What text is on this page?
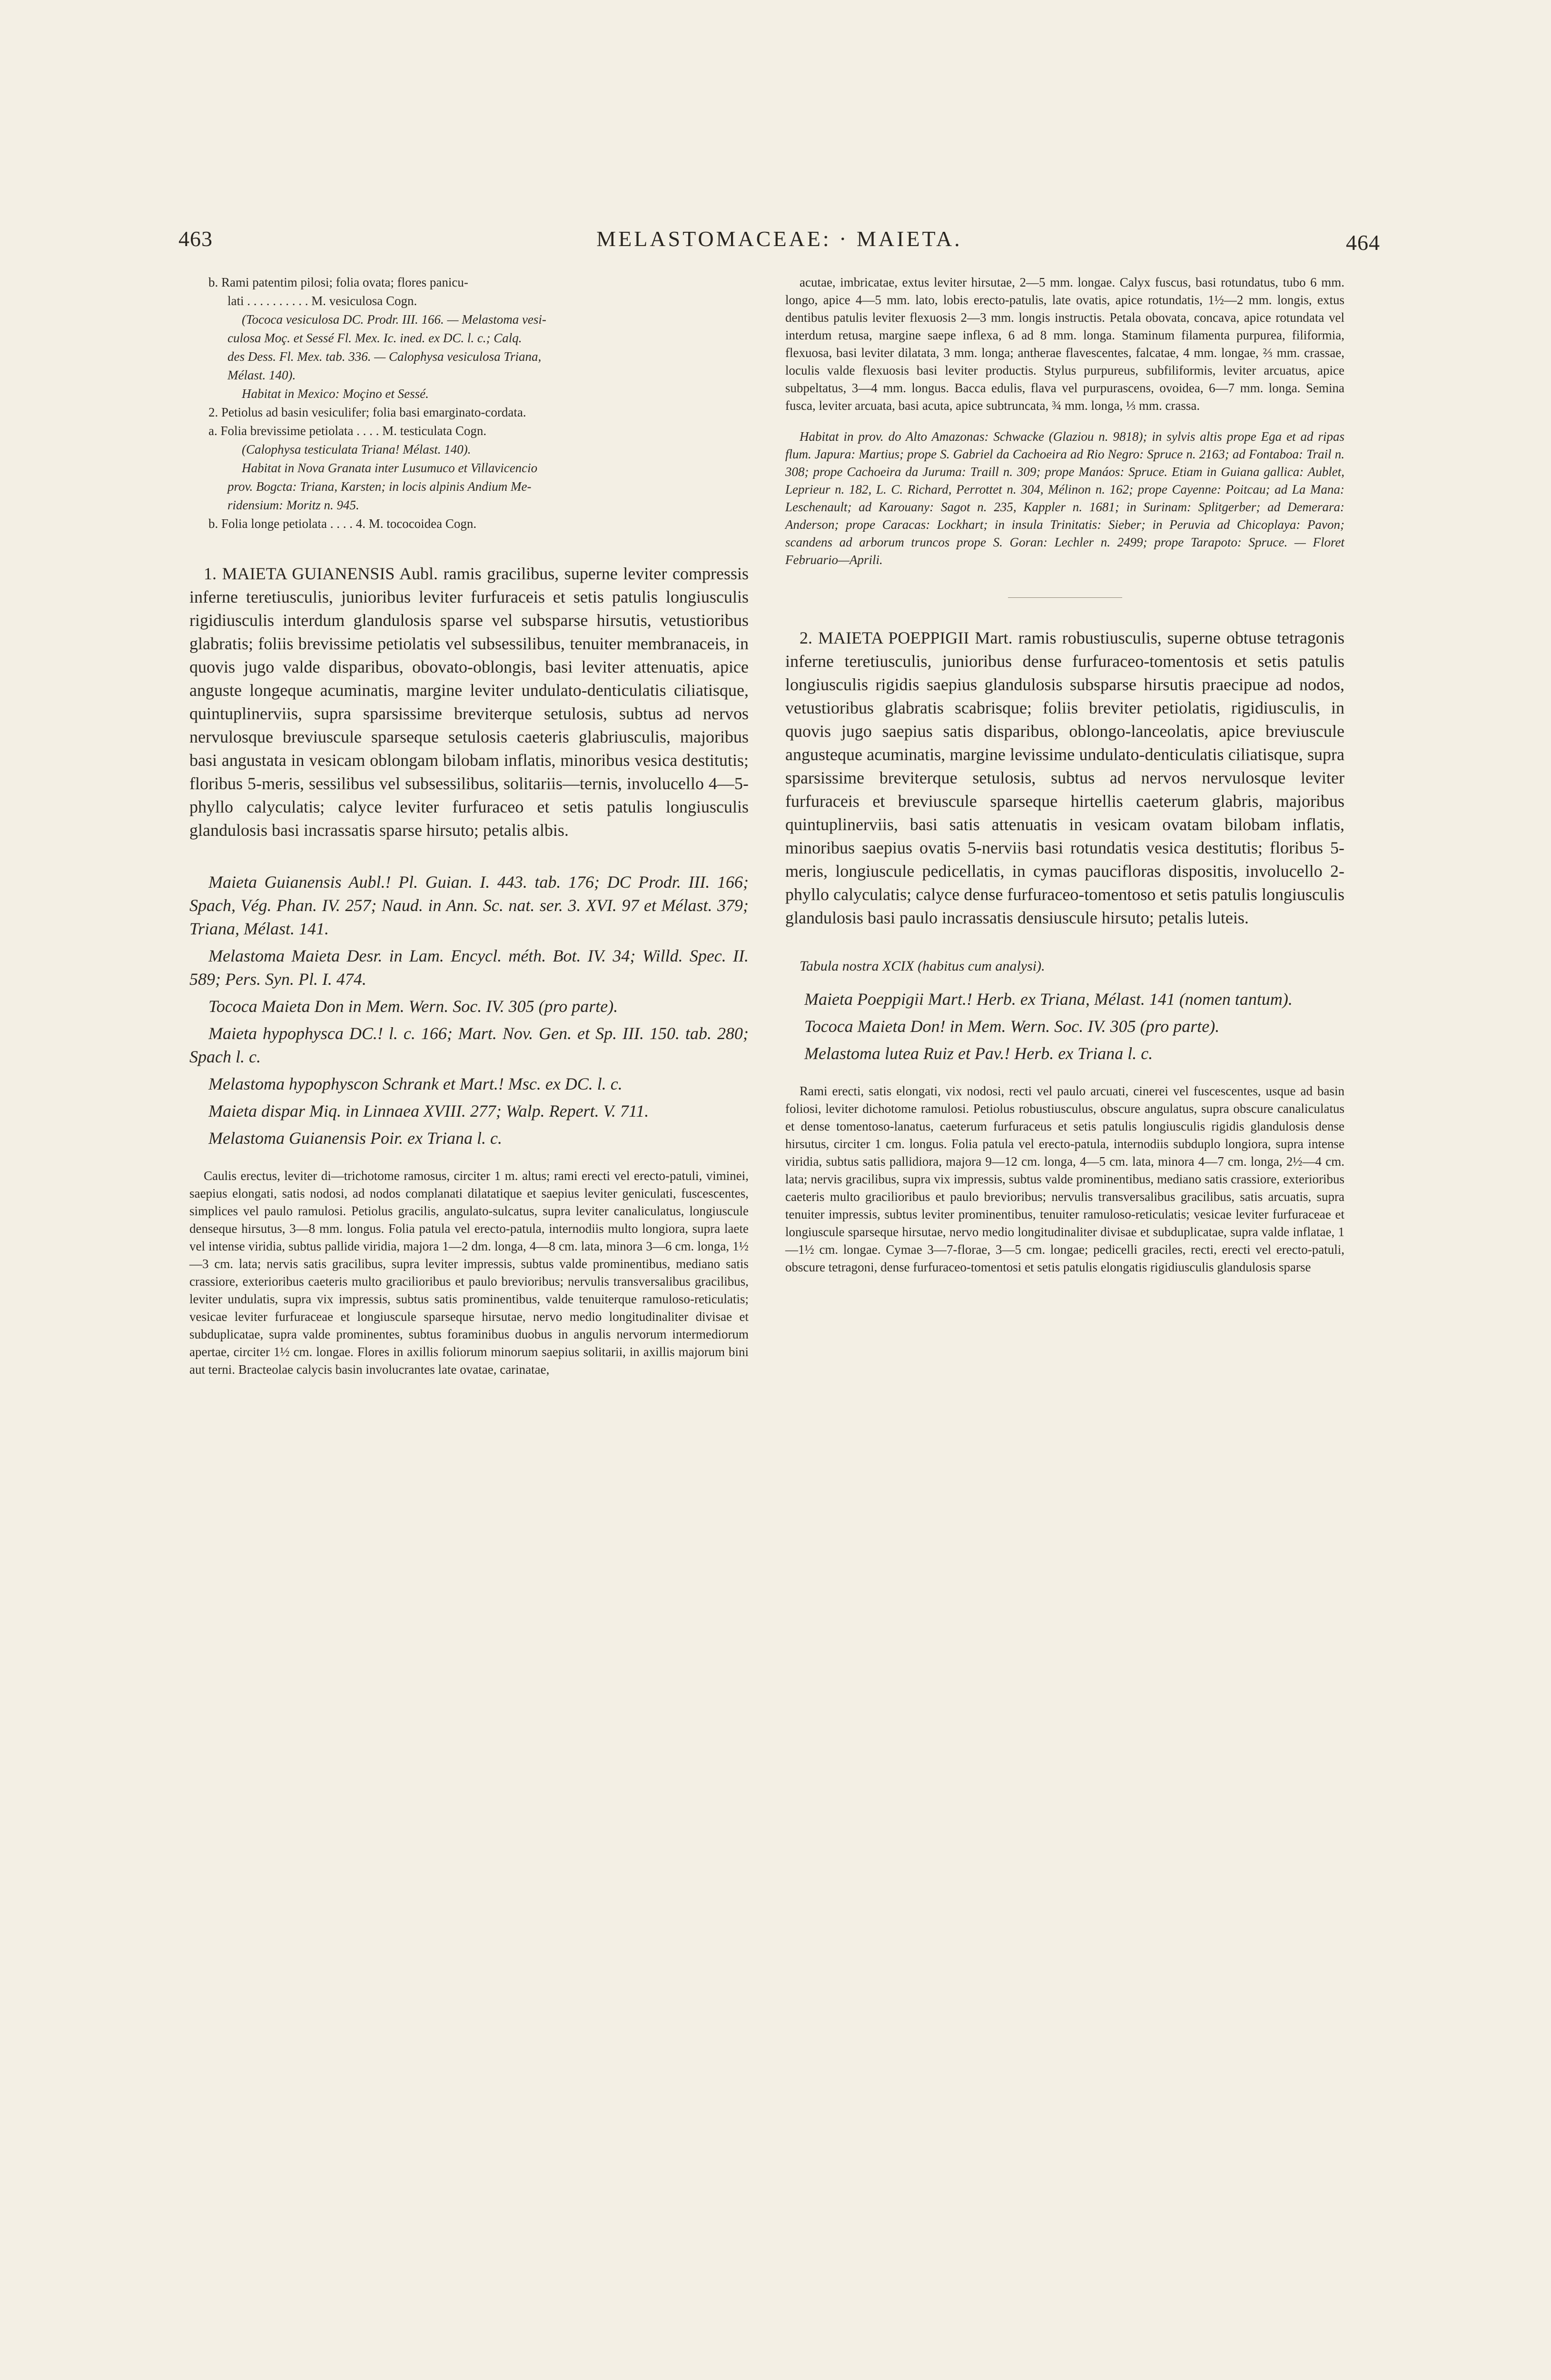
463	MELASTOMACEAE: · MAIETA.	464
b. Rami patentim pilosi; folia ovata; flores panicu-
lati . . . . . . . . . . M. vesiculosa Cogn.
(Tococa vesiculosa DC. Prodr. III. 166. — Melastoma vesi-
culosa Moç. et Sessé Fl. Mex. Ic. ined. ex DC. l. c.; Calq.
des Dess. Fl. Mex. tab. 336. — Calophysa vesiculosa Triana,
Mélast. 140).
Habitat in Mexico: Moçino et Sessé.
2. Petiolus ad basin vesiculifer; folia basi emarginato-cordata.
a. Folia brevissime petiolata . . . . M. testiculata Cogn.
(Calophysa testiculata Triana! Mélast. 140).
Habitat in Nova Granata inter Lusumuco et Villavicencio
prov. Bogcta: Triana, Karsten; in locis alpinis Andium Me-
ridensium: Moritz n. 945.
b. Folia longe petiolata . . . . 4. M. tococoidea Cogn.
1. MAIETA GUIANENSIS Aubl. ramis gracilibus, superne leviter compressis inferne teretiusculis, junioribus leviter furfuraceis et setis patulis longiusculis rigidiusculis interdum glandulosis sparse vel subsparse hirsutis, vetustioribus glabratis; foliis brevissime petiolatis vel subsessilibus, tenuiter membranaceis, in quovis jugo valde disparibus, obovato-oblongis, basi leviter attenuatis, apice anguste longeque acuminatis, margine leviter undulato-denticulatis ciliatisque, quintuplinerviis, supra sparsissime breviterque setulosis, subtus ad nervos nervulosque breviuscule sparseque setulosis caeteris glabriusculis, majoribus basi angustata in vesicam oblongam bilobam inflatis, minoribus vesica destitutis; floribus 5-meris, sessilibus vel subsessilibus, solitariis—ternis, involucello 4—5-phyllo calyculatis; calyce leviter furfuraceo et setis patulis longiusculis glandulosis basi incrassatis sparse hirsuto; petalis albis.

Maieta Guianensis Aubl.! Pl. Guian. I. 443. tab. 176; DC Prodr. III. 166; Spach, Vég. Phan. IV. 257; Naud. in Ann. Sc. nat. ser. 3. XVI. 97 et Mélast. 379; Triana, Mélast. 141.

Melastoma Maieta Desr. in Lam. Encycl. méth. Bot. IV. 34; Willd. Spec. II. 589; Pers. Syn. Pl. I. 474.

Tococa Maieta Don in Mem. Wern. Soc. IV. 305 (pro parte).

Maieta hypophysca DC.! l. c. 166; Mart. Nov. Gen. et Sp. III. 150. tab. 280; Spach l. c.

Melastoma hypophyscon Schrank et Mart.! Msc. ex DC. l. c.

Maieta dispar Miq. in Linnaea XVIII. 277; Walp. Repert. V. 711.

Melastoma Guianensis Poir. ex Triana l. c.

Caulis erectus, leviter di—trichotome ramosus, circiter 1 m. altus; rami erecti vel erecto-patuli, viminei, saepius elongati, satis nodosi, ad nodos complanati dilatatique et saepius leviter geniculati, fuscescentes, simplices vel paulo ramulosi. Petiolus gracilis, angulato-sulcatus, supra leviter canaliculatus, longiuscule denseque hirsutus, 3—8 mm. longus. Folia patula vel erecto-patula, internodiis multo longiora, supra laete vel intense viridia, subtus pallide viridia, majora 1—2 dm. longa, 4—8 cm. lata, minora 3—6 cm. longa, 1½—3 cm. lata; nervis satis gracilibus, supra leviter impressis, subtus valde prominentibus, mediano satis crassiore, exterioribus caeteris multo gracilioribus et paulo brevioribus; nervulis transversalibus gracilibus, leviter undulatis, supra vix impressis, subtus satis prominentibus, valde tenuiterque ramuloso-reticulatis; vesicae leviter furfuraceae et longiuscule sparseque hirsutae, nervo medio longitudinaliter divisae et subduplicatae, supra valde prominentes, subtus foraminibus duobus in angulis nervorum intermediorum apertae, circiter 1½ cm. longae. Flores in axillis foliorum minorum saepius solitarii, in axillis majorum bini aut terni. Bracteolae calycis basin involucrantes late ovatae, carinatae,
acutae, imbricatae, extus leviter hirsutae, 2—5 mm. longae. Calyx fuscus, basi rotundatus, tubo 6 mm. longo, apice 4—5 mm. lato, lobis erecto-patulis, late ovatis, apice rotundatis, 1½—2 mm. longis, extus dentibus patulis leviter flexuosis 2—3 mm. longis instructis. Petala obovata, concava, apice rotundata vel interdum retusa, margine saepe inflexa, 6 ad 8 mm. longa. Staminum filamenta purpurea, filiformia, flexuosa, basi leviter dilatata, 3 mm. longa; antherae flavescentes, falcatae, 4 mm. longae, ⅔ mm. crassae, loculis valde flexuosis basi leviter productis. Stylus purpureus, subfiliformis, leviter arcuatus, apice subpeltatus, 3—4 mm. longus. Bacca edulis, flava vel purpurascens, ovoidea, 6—7 mm. longa. Semina fusca, leviter arcuata, basi acuta, apice subtruncata, ¾ mm. longa, ⅓ mm. crassa.
Habitat in prov. do Alto Amazonas: Schwacke (Glaziou n. 9818); in sylvis altis prope Ega et ad ripas flum. Japura: Martius; prope S. Gabriel da Cachoeira ad Rio Negro: Spruce n. 2163; ad Fontaboa: Trail n. 308; prope Cachoeira da Juruma: Traill n. 309; prope Manáos: Spruce. Etiam in Guiana gallica: Aublet, Leprieur n. 182, L. C. Richard, Perrottet n. 304, Mélinon n. 162; prope Cayenne: Poitcau; ad La Mana: Leschenault; ad Karouany: Sagot n. 235, Kappler n. 1681; in Surinam: Splitgerber; ad Demerara: Anderson; prope Caracas: Lockhart; in insula Trinitatis: Sieber; in Peruvia ad Chicoplaya: Pavon; scandens ad arborum truncos prope S. Goran: Lechler n. 2499; prope Tarapoto: Spruce. — Floret Februario—Aprili.
2. MAIETA POEPPIGII Mart. ramis robustiusculis, superne obtuse tetragonis inferne teretiusculis, junioribus dense furfuraceo-tomentosis et setis patulis longiusculis rigidis saepius glandulosis subsparse hirsutis praecipue ad nodos, vetustioribus glabratis scabrisque; foliis breviter petiolatis, rigidiusculis, in quovis jugo saepius satis disparibus, oblongo-lanceolatis, apice breviuscule angusteque acuminatis, margine levissime undulato-denticulatis ciliatisque, supra sparsissime breviterque setulosis, subtus ad nervos nervulosque leviter furfuraceis et breviuscule sparseque hirtellis caeterum glabris, majoribus quintuplinerviis, basi satis attenuatis in vesicam ovatam bilobam inflatis, minoribus saepius ovatis 5-nerviis basi rotundatis vesica destitutis; floribus 5-meris, longiuscule pedicellatis, in cymas paucifloras dispositis, involucello 2-phyllo calyculatis; calyce dense furfuraceo-tomentoso et setis patulis longiusculis glandulosis basi paulo incrassatis densiuscule hirsuto; petalis luteis.
Tabula nostra XCIX (habitus cum analysi).

Maieta Poeppigii Mart.! Herb. ex Triana, Mélast. 141 (nomen tantum).

Tococa Maieta Don! in Mem. Wern. Soc. IV. 305 (pro parte).

Melastoma lutea Ruiz et Pav.! Herb. ex Triana l. c.

Rami erecti, satis elongati, vix nodosi, recti vel paulo arcuati, cinerei vel fuscescentes, usque ad basin foliosi, leviter dichotome ramulosi. Petiolus robustiusculus, obscure angulatus, supra obscure canaliculatus et dense tomentoso-lanatus, caeterum furfuraceus et setis patulis longiusculis rigidis glandulosis dense hirsutus, circiter 1 cm. longus. Folia patula vel erecto-patula, internodiis subduplo longiora, supra intense viridia, subtus satis pallidiora, majora 9—12 cm. longa, 4—5 cm. lata, minora 4—7 cm. longa, 2½—4 cm. lata; nervis gracilibus, supra vix impressis, subtus valde prominentibus, mediano satis crassiore, exterioribus caeteris multo gracilioribus et paulo brevioribus; nervulis transversalibus gracilibus, satis arcuatis, supra tenuiter impressis, subtus leviter prominentibus, tenuiter ramuloso-reticulatis; vesicae leviter furfuraceae et longiuscule sparseque hirsutae, nervo medio longitudinaliter divisae et subduplicatae, supra valde inflatae, 1—1½ cm. longae. Cymae 3—7-florae, 3—5 cm. longae; pedicelli graciles, recti, erecti vel erecto-patuli, obscure tetragoni, dense furfuraceo-tomentosi et setis patulis elongatis rigidiusculis glandulosis sparse
